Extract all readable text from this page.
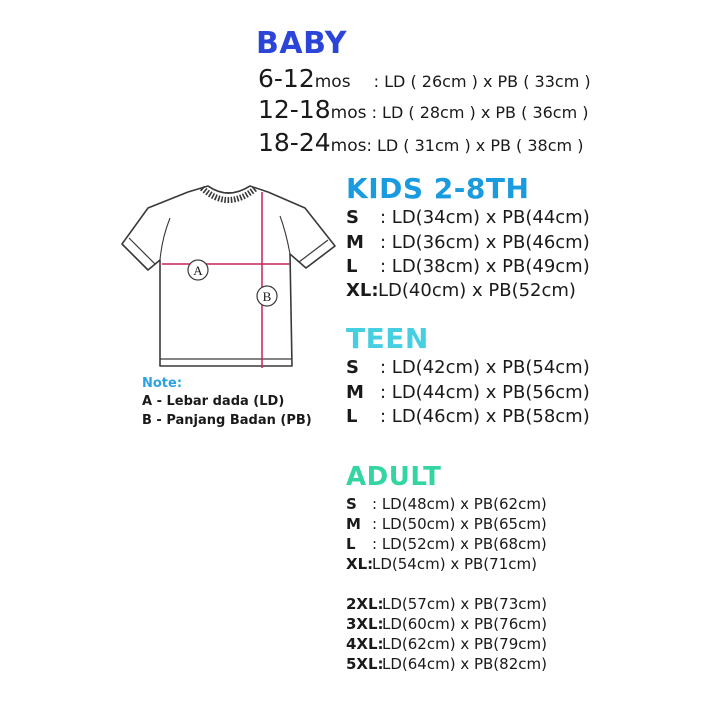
BABY
6-12mos : LD ( 26cm ) x PB ( 33cm )
12-18mos : LD ( 28cm ) x PB ( 36cm )
18-24mos: LD ( 31cm ) x PB ( 38cm )
KIDS 2-8TH
S : LD(34cm) x PB(44cm)
M : LD(36cm) x PB(46cm)
L : LD(38cm) x PB(49cm)
XL:LD(40cm) x PB(52cm)
TEEN
S : LD(42cm) x PB(54cm)
M : LD(44cm) x PB(56cm)
L : LD(46cm) x PB(58cm)
ADULT
S : LD(48cm) x PB(62cm)
M : LD(50cm) x PB(65cm)
L : LD(52cm) x PB(68cm)
XL:LD(54cm) x PB(71cm)
2XL:LD(57cm) x PB(73cm)
3XL:LD(60cm) x PB(76cm)
4XL:LD(62cm) x PB(79cm)
5XL:LD(64cm) x PB(82cm)
A
B
Note:
A - Lebar dada (LD)
B - Panjang Badan (PB)
